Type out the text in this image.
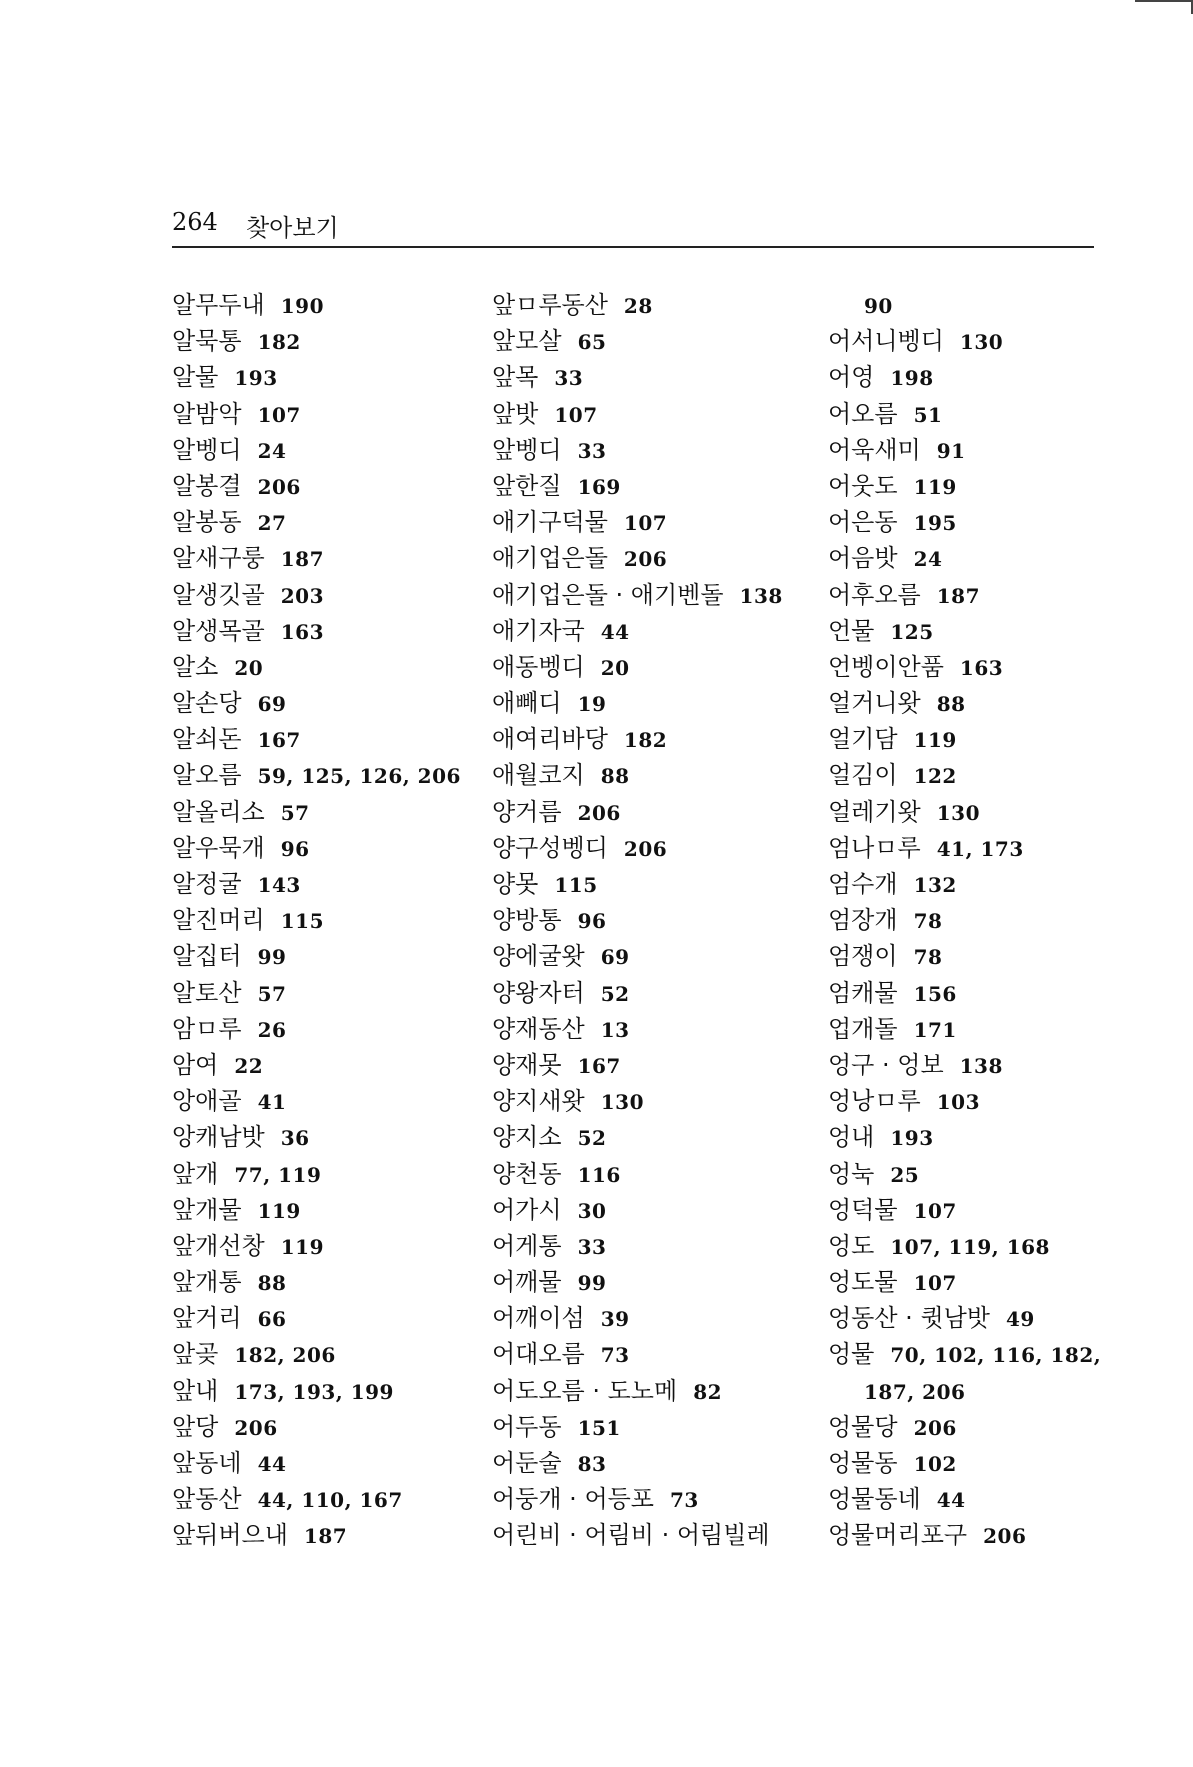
264 찾아보기
알무두내 190
알묵통 182
알물 193
알밤악 107
알벵디 24
알봉결 206
알봉동 27
알새구룽 187
알생깃골 203
알생목골 163
알소 20
알손당 69
알쇠돈 167
알오름 59, 125, 126, 206
알올리소 57
알우묵개 96
알정굴 143
알진머리 115
알집터 99
알토산 57
암ㅁ루 26
암여 22
앙애골 41
앙캐남밧 36
앞개 77, 119
앞개물 119
앞개선창 119
앞개통 88
앞거리 66
앞곶 182, 206
앞내 173, 193, 199
앞당 206
앞동네 44
앞동산 44, 110, 167
앞뒤버으내 187
앞ㅁ루동산 28
앞모살 65
앞목 33
앞밧 107
앞벵디 33
앞한질 169
애기구덕물 107
애기업은돌 206
애기업은돌 · 애기벤돌 138
애기자국 44
애동벵디 20
애빼디 19
애여리바당 182
애월코지 88
양거름 206
양구성벵디 206
양못 115
양방통 96
양에굴왓 69
양왕자터 52
양재동산 13
양재못 167
양지새왓 130
양지소 52
양천동 116
어가시 30
어게통 33
어깨물 99
어깨이섬 39
어대오름 73
어도오름 · 도노메 82
어두동 151
어둔술 83
어둥개 · 어등포 73
어린비 · 어림비 · 어림빌레
90
어서니벵디 130
어영 198
어오름 51
어욱새미 91
어웃도 119
어은동 195
어음밧 24
어후오름 187
언물 125
언벵이안품 163
얼거니왓 88
얼기담 119
얼김이 122
얼레기왓 130
엄나ㅁ루 41, 173
엄수개 132
엄장개 78
엄쟁이 78
엄캐물 156
업개돌 171
엉구 · 엉보 138
엉낭ㅁ루 103
엉내 193
엉눅 25
엉덕물 107
엉도 107, 119, 168
엉도물 107
엉동산 · 큇남밧 49
엉물 70, 102, 116, 182,
187, 206
엉물당 206
엉물동 102
엉물동네 44
엉물머리포구 206
